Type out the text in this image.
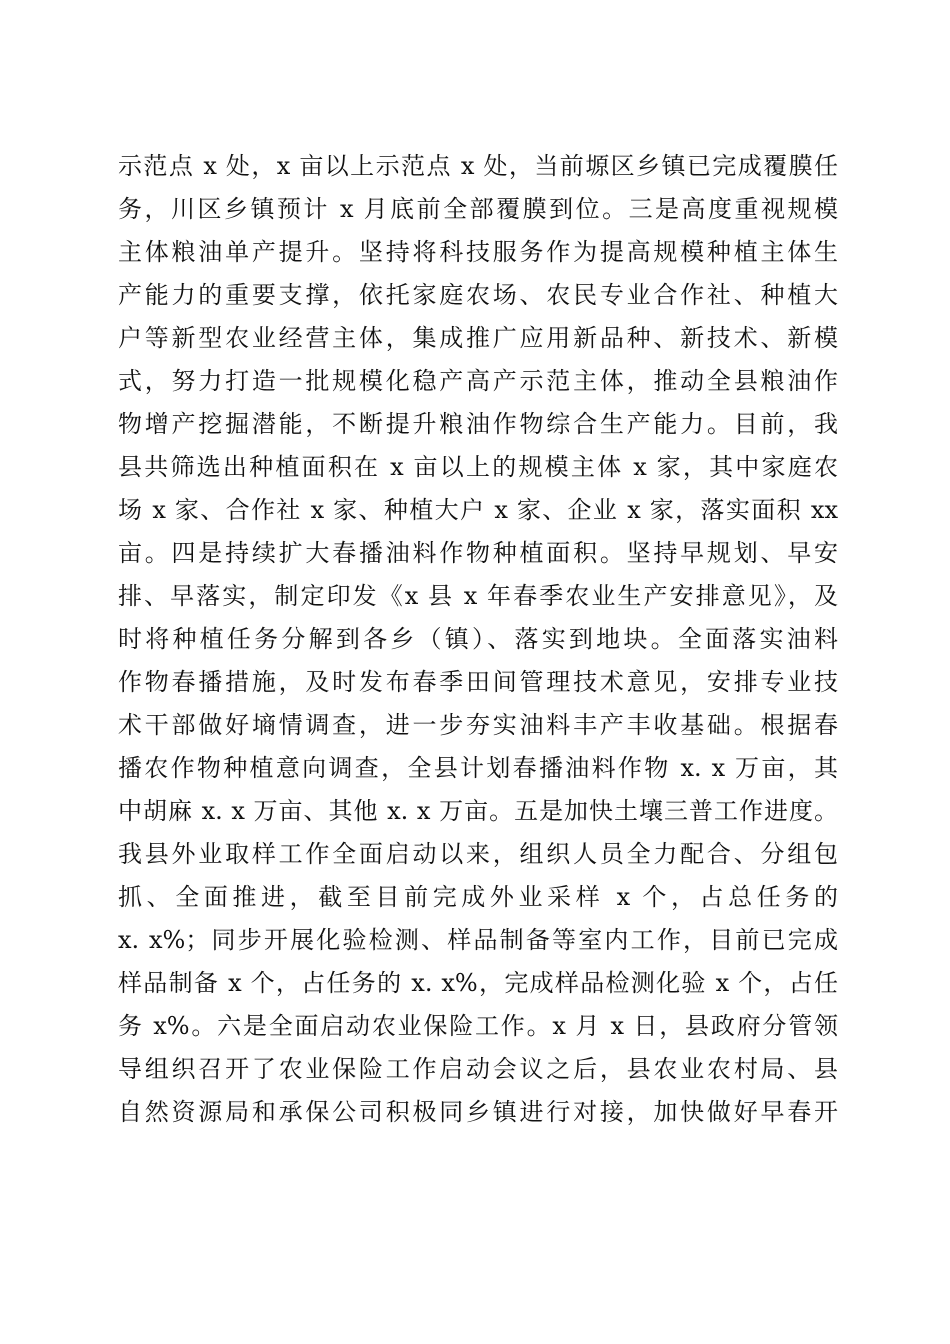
示范点 x 处，x 亩以上示范点 x 处，当前塬区乡镇已完成覆膜任
务，川区乡镇预计 x 月底前全部覆膜到位。三是高度重视规模
主体粮油单产提升。坚持将科技服务作为提高规模种植主体生
产能力的重要支撑，依托家庭农场、农民专业合作社、种植大
户等新型农业经营主体，集成推广应用新品种、新技术、新模
式，努力打造一批规模化稳产高产示范主体，推动全县粮油作
物增产挖掘潜能，不断提升粮油作物综合生产能力。目前，我
县共筛选出种植面积在 x 亩以上的规模主体 x 家，其中家庭农
场 x 家、合作社 x 家、种植大户 x 家、企业 x 家，落实面积 xx
亩。四是持续扩大春播油料作物种植面积。坚持早规划、早安
排、早落实，制定印发《x 县 x 年春季农业生产安排意见》，及
时将种植任务分解到各乡（镇）、落实到地块。全面落实油料
作物春播措施，及时发布春季田间管理技术意见，安排专业技
术干部做好墒情调查，进一步夯实油料丰产丰收基础。根据春
播农作物种植意向调查，全县计划春播油料作物 x. x 万亩，其
中胡麻 x. x 万亩、其他 x. x 万亩。五是加快土壤三普工作进度。
我县外业取样工作全面启动以来，组织人员全力配合、分组包
抓、全面推进，截至目前完成外业采样 x 个，占总任务的
x. x%；同步开展化验检测、样品制备等室内工作，目前已完成
样品制备 x 个，占任务的 x. x%，完成样品检测化验 x 个，占任
务 x%。六是全面启动农业保险工作。x 月 x 日，县政府分管领
导组织召开了农业保险工作启动会议之后，县农业农村局、县
自然资源局和承保公司积极同乡镇进行对接，加快做好早春开
